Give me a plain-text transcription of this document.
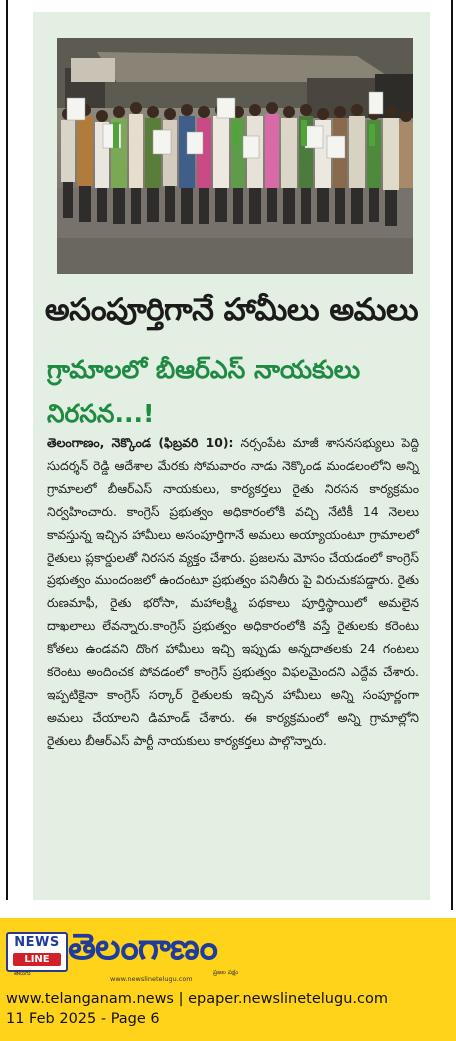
అసంపూర్తిగానే హామీలు అమలు
గ్రామాలలో బీఆర్ఎస్ నాయకులు నిరసన...!
తెలంగాణం, నెక్కొండ (ఫిబ్రవరి 10): నర్సంపేట మాజీ శాసనసభ్యులు పెద్ది సుదర్శన్ రెడ్డి ఆదేశాల మేరకు సోమవారం నాడు నెక్కొండ మండలంలోని అన్ని గ్రామాలలో బీఆర్ఎస్ నాయకులు, కార్యకర్తలు రైతు నిరసన కార్యక్రమం నిర్వహించారు. కాంగ్రెస్ ప్రభుత్వం అధికారంలోకి వచ్చి నేటికీ 14 నెలలు కావస్తున్న ఇచ్చిన హామీలు అసంపూర్తిగానే అమలు అయ్యాయంటూ గ్రామాలలో రైతులు ప్లకార్డులతో నిరసన వ్యక్తం చేశారు. ప్రజలను మోసం చేయడంలో కాంగ్రెస్ ప్రభుత్వం ముందంజలో ఉందంటూ ప్రభుత్వం పనితీరు పై విరుచుకపడ్డారు. రైతు రుణమాఫీ, రైతు భరోసా, మహాలక్ష్మి పథకాలు పూర్తిస్థాయిలో అమలైన దాఖలాలు లేవన్నారు.కాంగ్రెస్ ప్రభుత్వం అధికారంలోకి వస్తే రైతులకు కరెంటు కోతలు ఉండవని దొంగ హామీలు ఇచ్చి ఇప్పుడు అన్నదాతలకు 24 గంటలు కరెంటు అందించక పోవడంలో కాంగ్రెస్ ప్రభుత్వం విఫలమైందని ఎద్దేవ చేశారు. ఇప్పటికైనా కాంగ్రెస్ సర్కార్ రైతులకు ఇచ్చిన హామీలు అన్ని సంపూర్ణంగా అమలు చేయాలని డిమాండ్ చేశారు. ఈ కార్యక్రమంలో అన్ని గ్రామాల్లోని రైతులు బీఆర్ఎస్ పార్టీ నాయకులు కార్యకర్తలు పాల్గొన్నారు.
NEWS
LINE
తెలుగు
తెలంగాణం
ప్రజల పక్షం
www.newslinetelugu.com
www.telanganam.news | epaper.newslinetelugu.com
11 Feb 2025 - Page 6
